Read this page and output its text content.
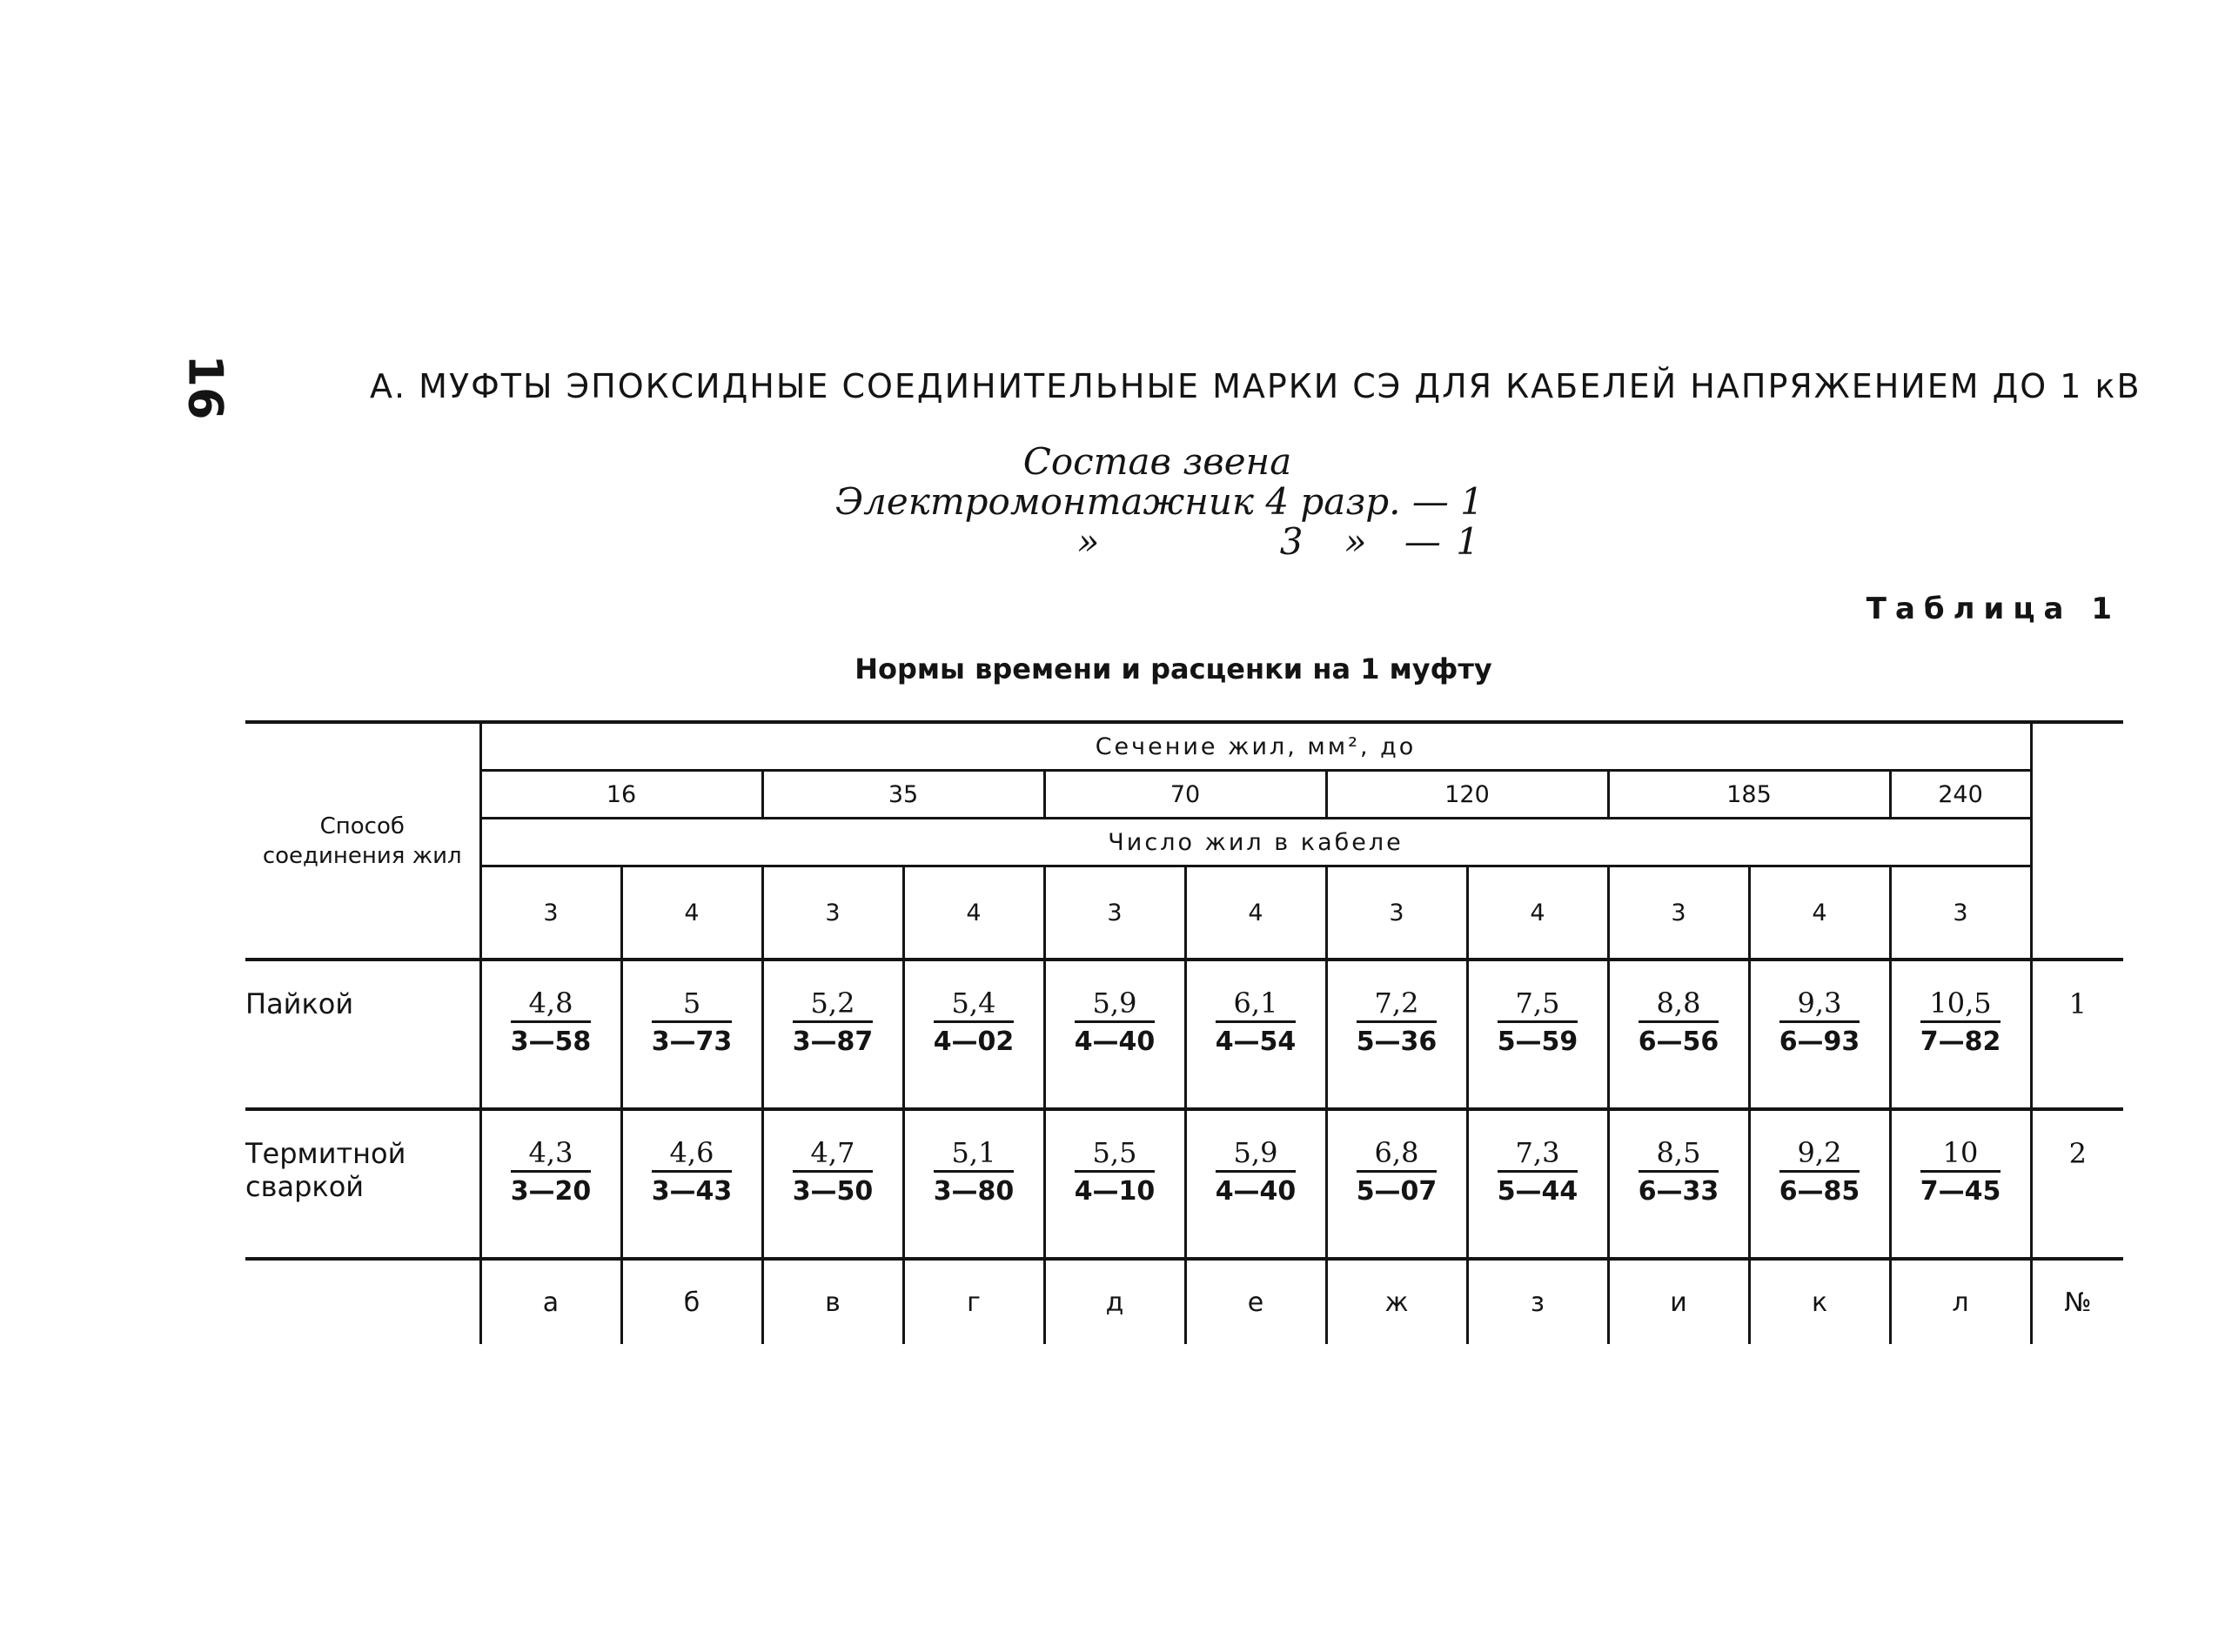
16	А. МУФТЫ ЭПОКСИДНЫЕ СОЕДИНИТЕЛЬНЫЕ МАРКИ СЭ ДЛЯ КАБЕЛЕЙ НАПРЯЖЕНИЕМ ДО 1 кВ
Состав звена
Электромонтажник 4 разр. — 1
»	3 » — 1
Таблица 1
Нормы времени и расценки на 1 муфту
Способ соединения жил	Сечение жил, мм², до											
	16		35		70		120		185		240	
	Число жил в кабеле											
	3	4	3	4	3	4	3	4	3	4	3	
Пайкой	$\frac{4,8}{3—58}$	$\frac{5}{3—73}$	$\frac{5,2}{3—87}$	$\frac{5,4}{4—02}$	$\frac{5,9}{4—40}$	$\frac{6,1}{4—54}$	$\frac{7,2}{5—36}$	$\frac{7,5}{5—59}$	$\frac{8,8}{6—56}$	$\frac{9,3}{6—93}$	$\frac{10,5}{7—82}$	1
Термитной сваркой	$\frac{4,3}{3—20}$	$\frac{4,6}{3—43}$	$\frac{4,7}{3—50}$	$\frac{5,1}{3—80}$	$\frac{5,5}{4—10}$	$\frac{5,9}{4—40}$	$\frac{6,8}{5—07}$	$\frac{7,3}{5—44}$	$\frac{8,5}{6—33}$	$\frac{9,2}{6—85}$	$\frac{10}{7—45}$	2
	а	б	в	г	д	е	ж	з	и	к	л	№
